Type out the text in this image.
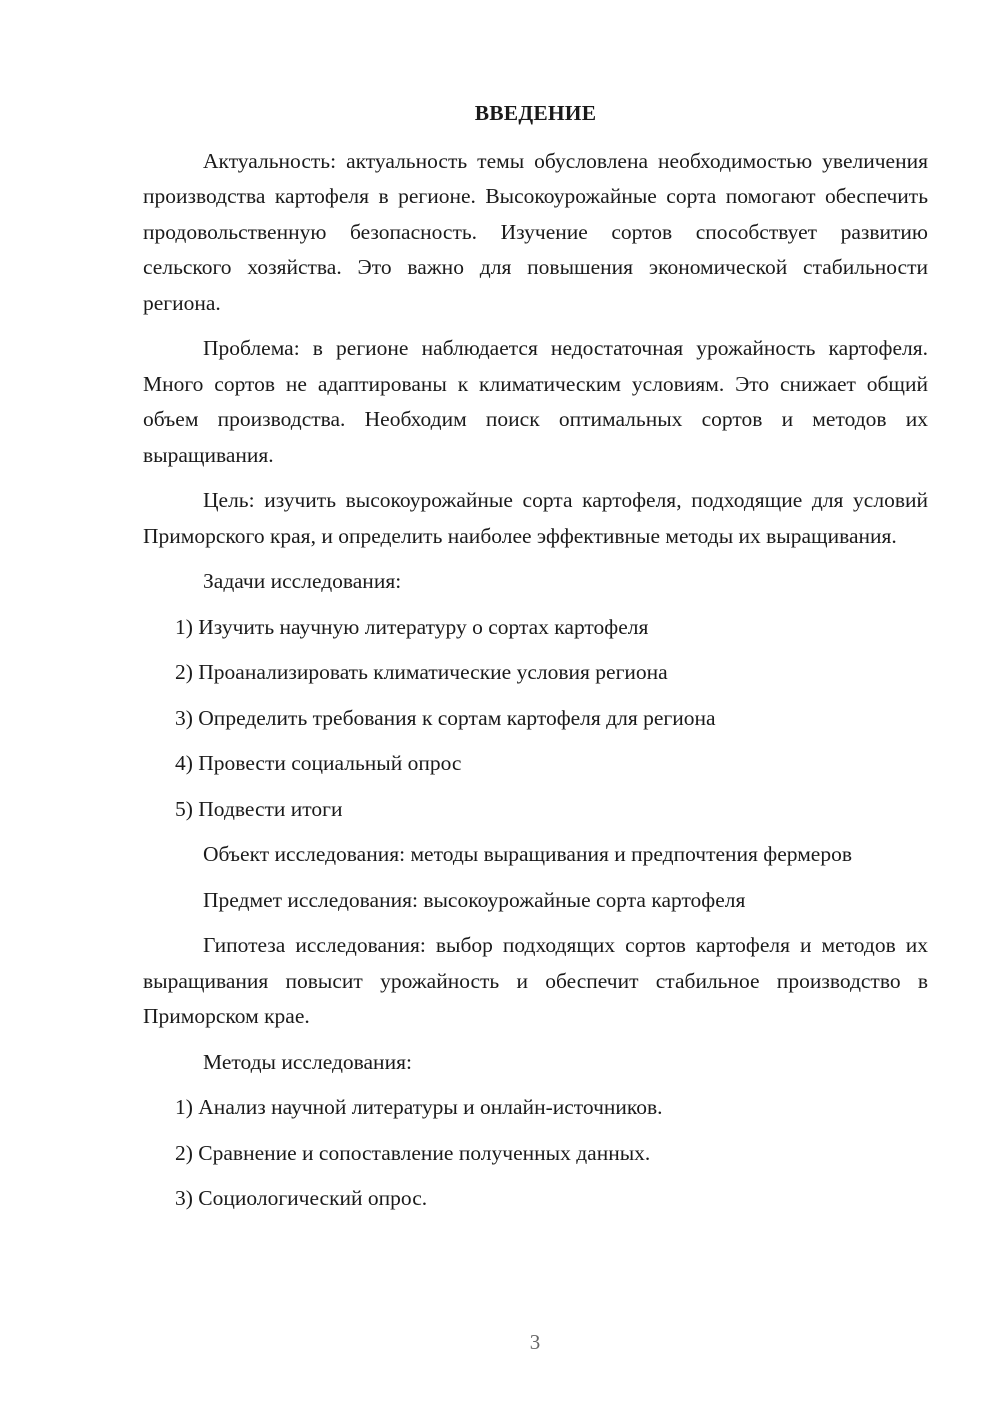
ВВЕДЕНИЕ
Актуальность: актуальность темы обусловлена необходимостью увеличения производства картофеля в регионе. Высокоурожайные сорта помогают обеспечить продовольственную безопасность. Изучение сортов способствует развитию сельского хозяйства. Это важно для повышения экономической стабильности региона.
Проблема: в регионе наблюдается недостаточная урожайность картофеля. Много сортов не адаптированы к климатическим условиям. Это снижает общий объем производства. Необходим поиск оптимальных сортов и методов их выращивания.
Цель: изучить высокоурожайные сорта картофеля, подходящие для условий Приморского края, и определить наиболее эффективные методы их выращивания.
Задачи исследования:
1) Изучить научную литературу о сортах картофеля
2) Проанализировать климатические условия региона
3) Определить требования к сортам картофеля для региона
4) Провести социальный опрос
5) Подвести итоги
Объект исследования: методы выращивания и предпочтения фермеров
Предмет исследования: высокоурожайные сорта картофеля
Гипотеза исследования: выбор подходящих сортов картофеля и методов их выращивания повысит урожайность и обеспечит стабильное производство в Приморском крае.
Методы исследования:
1) Анализ научной литературы и онлайн-источников.
2) Сравнение и сопоставление полученных данных.
3) Социологический опрос.
3
